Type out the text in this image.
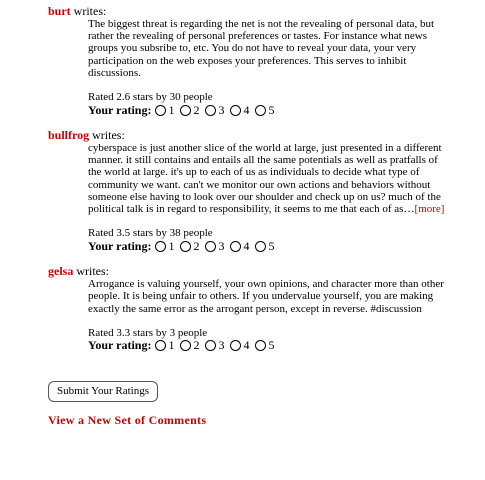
burt writes:
The biggest threat is regarding the net is not the revealing of personal data, but rather the revealing of personal preferences or tastes. For instance what news groups you subsribe to, etc. You do not have to reveal your data, your very participation on the web exposes your preferences. This serves to inhibit discussions.
Rated 2.6 stars by 30 people
Your rating: 1 2 3 4 5
bullfrog writes:
cyberspace is just another slice of the world at large, just presented in a different manner. it still contains and entails all the same potentials as well as pratfalls of the world at large. it's up to each of us as individuals to decide what type of community we want. can't we monitor our own actions and behaviors without someone else having to look over our shoulder and check up on us? much of the political talk is in regard to responsibility, it seems to me that each of as…[more]
Rated 3.5 stars by 38 people
Your rating: 1 2 3 4 5
gelsa writes:
Arrogance is valuing yourself, your own opinions, and character more than other people. It is being unfair to others. If you undervalue yourself, you are making exactly the same error as the arrogant person, except in reverse. #discussion
Rated 3.3 stars by 3 people
Your rating: 1 2 3 4 5
Submit Your Ratings
View a New Set of Comments
